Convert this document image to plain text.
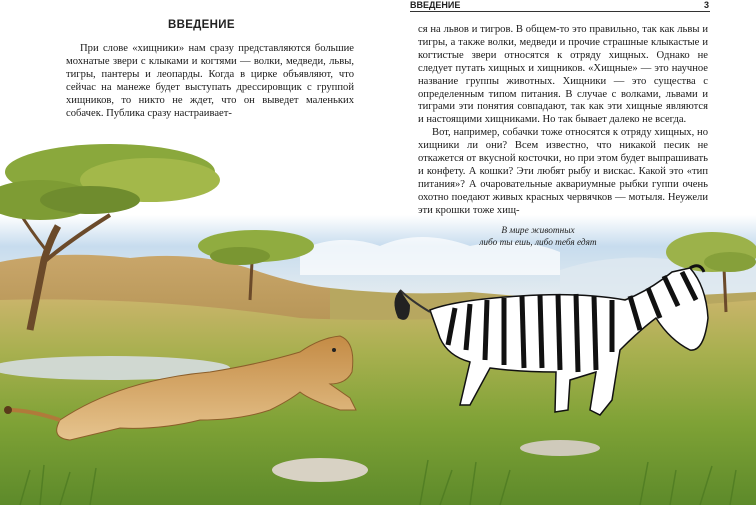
ВВЕДЕНИЕ	3
ВВЕДЕНИЕ

При слове «хищники» нам сразу представляются большие мохнатые звери с клыками и когтями — волки, медведи, львы, тигры, пантеры и леопарды. Когда в цирке объявляют, что сейчас на манеже будет выступать дрессировщик с группой хищников, то никто не ждет, что он выведет маленьких собачек. Публика сразу настраивает-

ся на львов и тигров. В общем-то это правильно, так как львы и тигры, а также волки, медведи и прочие страшные клыкастые и когтистые звери относятся к отряду хищных. Однако не следует путать хищных и хищников. «Хищные» — это научное название группы животных. Хищники — это существа с определенным типом питания. В случае с волками, львами и тиграми эти понятия совпадают, так как эти хищные являются и настоящими хищниками. Но так бывает далеко не всегда.

Вот, например, собачки тоже относятся к отряду хищных, но хищники ли они? Всем известно, что никакой песик не откажется от вкусной косточки, но при этом будет выпрашивать и конфету. А кошки? Эти любят рыбу и вискас. Какой это «тип питания»? А очаровательные аквариумные рыбки гуппи очень охотно поедают живых красных червячков — мотыля. Неужели эти крошки тоже хищ-

В мире животных
либо ты ешь, либо тебя едят
